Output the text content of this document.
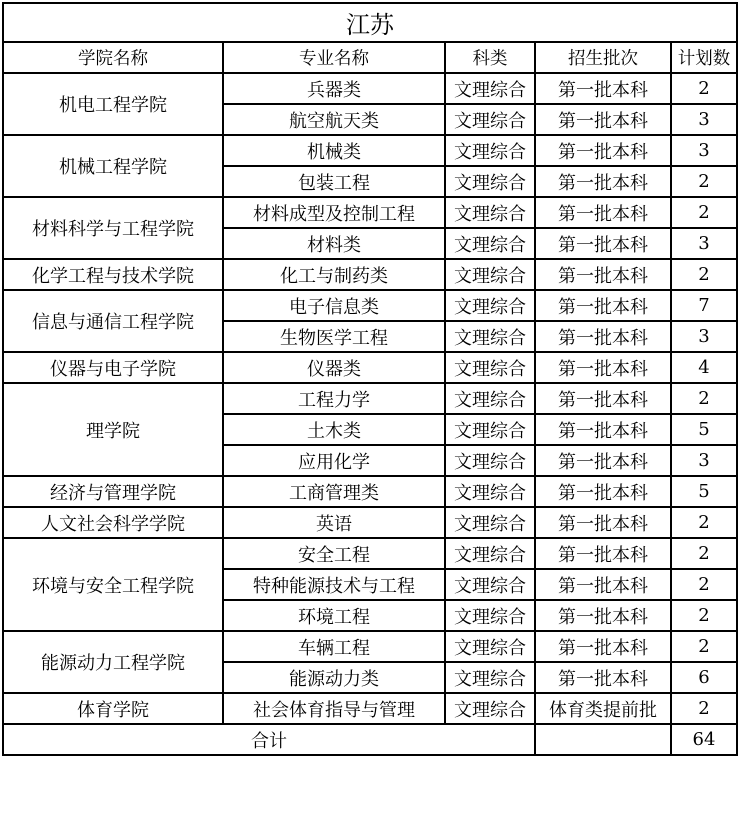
江苏				
学院名称	专业名称	科类	招生批次	计划数
机电工程学院	兵器类	文理综合	第一批本科	2
	航空航天类	文理综合	第一批本科	3
机械工程学院	机械类	文理综合	第一批本科	3
	包装工程	文理综合	第一批本科	2
材料科学与工程学院	材料成型及控制工程	文理综合	第一批本科	2
	材料类	文理综合	第一批本科	3
化学工程与技术学院	化工与制药类	文理综合	第一批本科	2
信息与通信工程学院	电子信息类	文理综合	第一批本科	7
	生物医学工程	文理综合	第一批本科	3
仪器与电子学院	仪器类	文理综合	第一批本科	4
理学院	工程力学	文理综合	第一批本科	2
	土木类	文理综合	第一批本科	5
	应用化学	文理综合	第一批本科	3
经济与管理学院	工商管理类	文理综合	第一批本科	5
人文社会科学学院	英语	文理综合	第一批本科	2
环境与安全工程学院	安全工程	文理综合	第一批本科	2
	特种能源技术与工程	文理综合	第一批本科	2
	环境工程	文理综合	第一批本科	2
能源动力工程学院	车辆工程	文理综合	第一批本科	2
	能源动力类	文理综合	第一批本科	6
体育学院	社会体育指导与管理	文理综合	体育类提前批	2
合计				64
